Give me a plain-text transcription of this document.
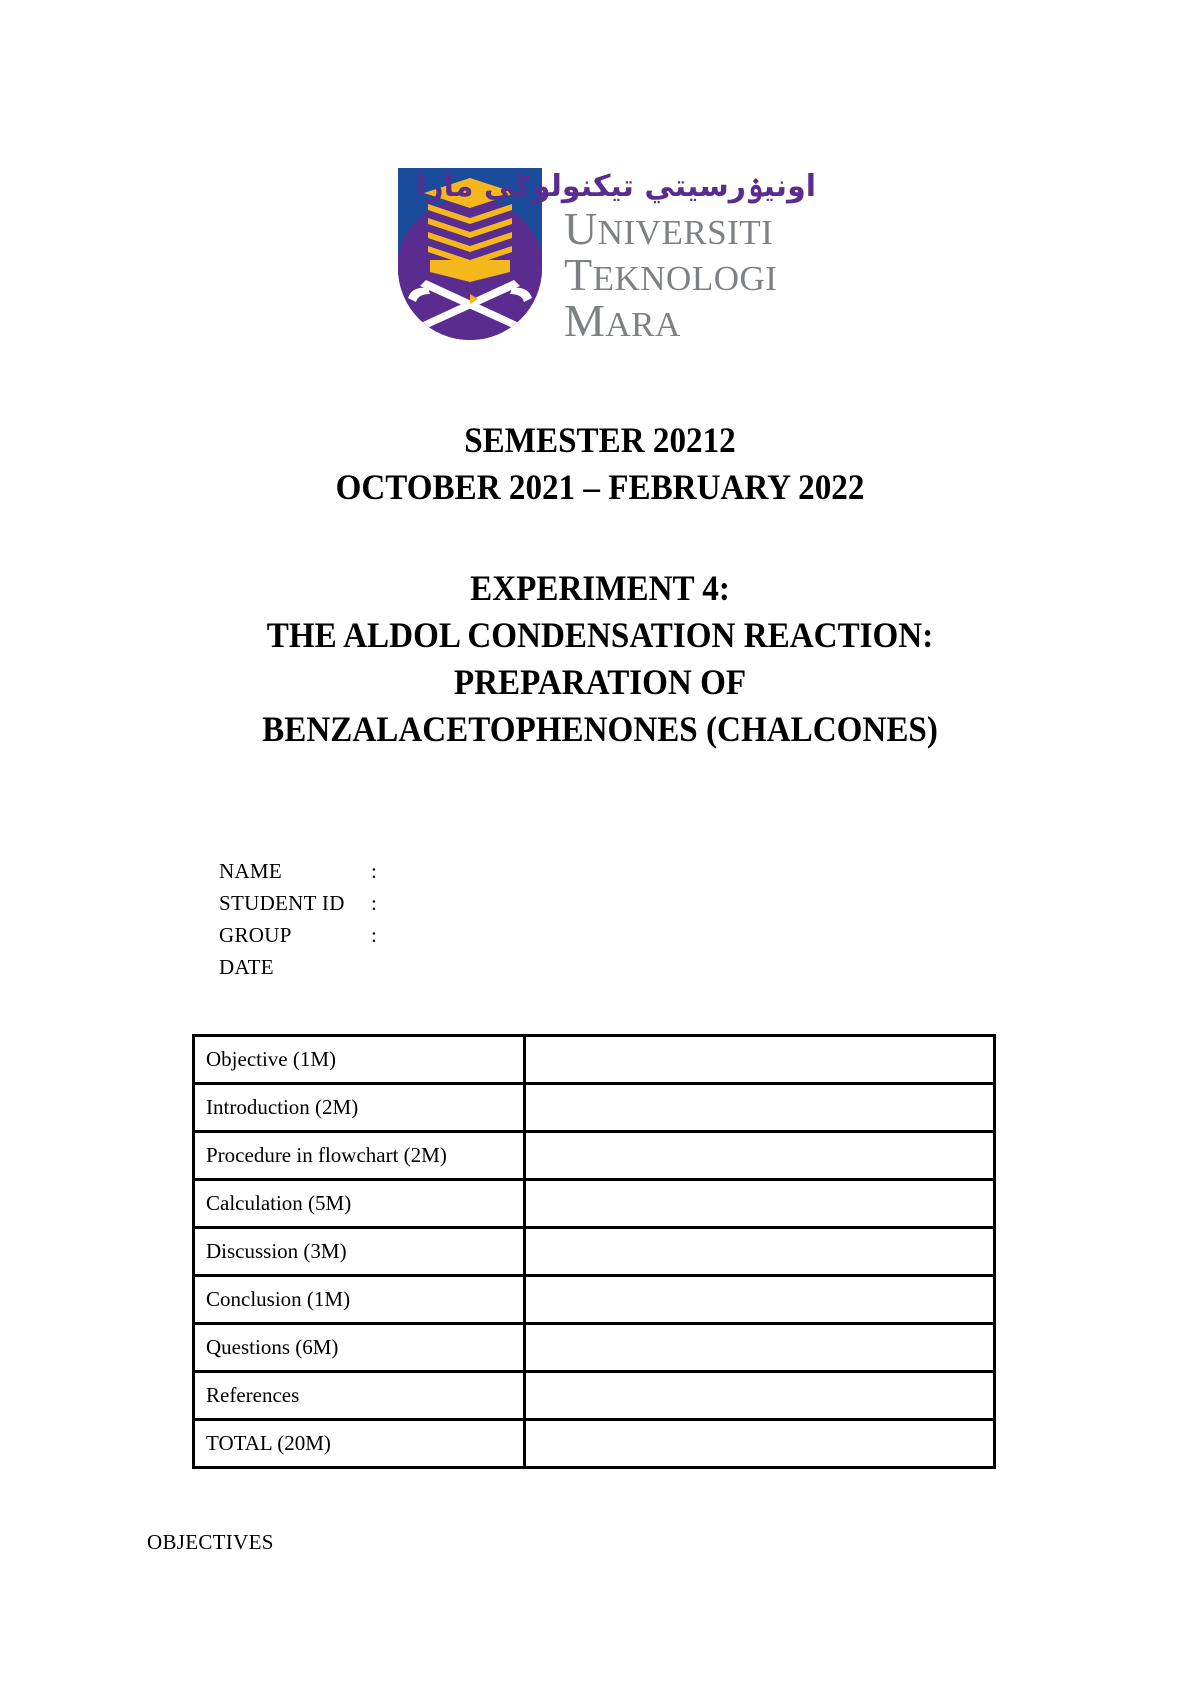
اونيۏرسيتي تيكنولوݢي مارا
UNIVERSITI
TEKNOLOGI
MARA
SEMESTER 20212
OCTOBER 2021 – FEBRUARY 2022
EXPERIMENT 4:
THE ALDOL CONDENSATION REACTION:
PREPARATION OF
BENZALACETOPHENONES (CHALCONES)
NAME	:
STUDENT ID :
GROUP	:
DATE
Objective (1M)	
Introduction (2M)	
Procedure in flowchart (2M)	
Calculation (5M)	
Discussion (3M)	
Conclusion (1M)	
Questions (6M)	
References	
TOTAL (20M)	
OBJECTIVES
